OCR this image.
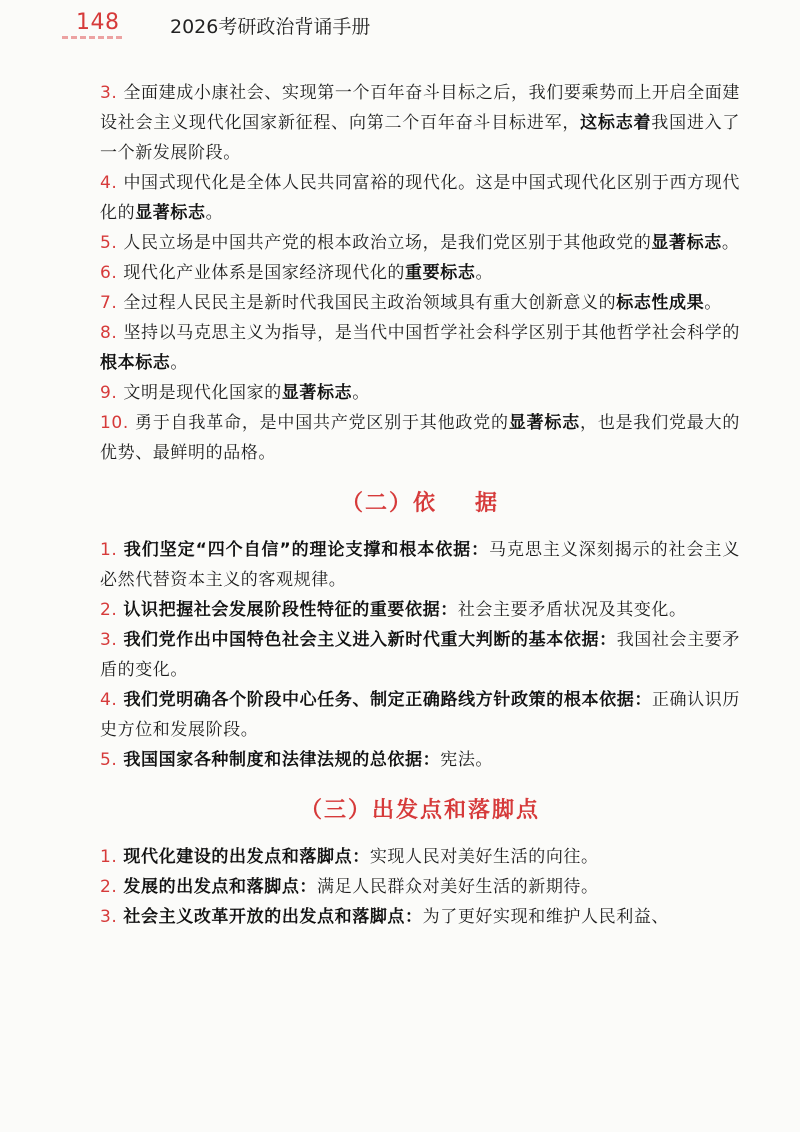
148	2026考研政治背诵手册

3. 全面建成小康社会、实现第一个百年奋斗目标之后，我们要乘势而上开启全面建设社会主义现代化国家新征程、向第二个百年奋斗目标进军，这标志着我国进入了一个新发展阶段。

4. 中国式现代化是全体人民共同富裕的现代化。这是中国式现代化区别于西方现代化的显著标志。

5. 人民立场是中国共产党的根本政治立场，是我们党区别于其他政党的显著标志。

6. 现代化产业体系是国家经济现代化的重要标志。

7. 全过程人民民主是新时代我国民主政治领域具有重大创新意义的标志性成果。

8. 坚持以马克思主义为指导，是当代中国哲学社会科学区别于其他哲学社会科学的根本标志。

9. 文明是现代化国家的显著标志。

10. 勇于自我革命，是中国共产党区别于其他政党的显著标志，也是我们党最大的优势、最鲜明的品格。

（二）依 据

1. 我们坚定“四个自信”的理论支撑和根本依据：马克思主义深刻揭示的社会主义必然代替资本主义的客观规律。

2. 认识把握社会发展阶段性特征的重要依据：社会主要矛盾状况及其变化。

3. 我们党作出中国特色社会主义进入新时代重大判断的基本依据：我国社会主要矛盾的变化。

4. 我们党明确各个阶段中心任务、制定正确路线方针政策的根本依据：正确认识历史方位和发展阶段。

5. 我国国家各种制度和法律法规的总依据：宪法。

（三）出发点和落脚点

1. 现代化建设的出发点和落脚点：实现人民对美好生活的向往。

2. 发展的出发点和落脚点：满足人民群众对美好生活的新期待。

3. 社会主义改革开放的出发点和落脚点：为了更好实现和维护人民利益、
